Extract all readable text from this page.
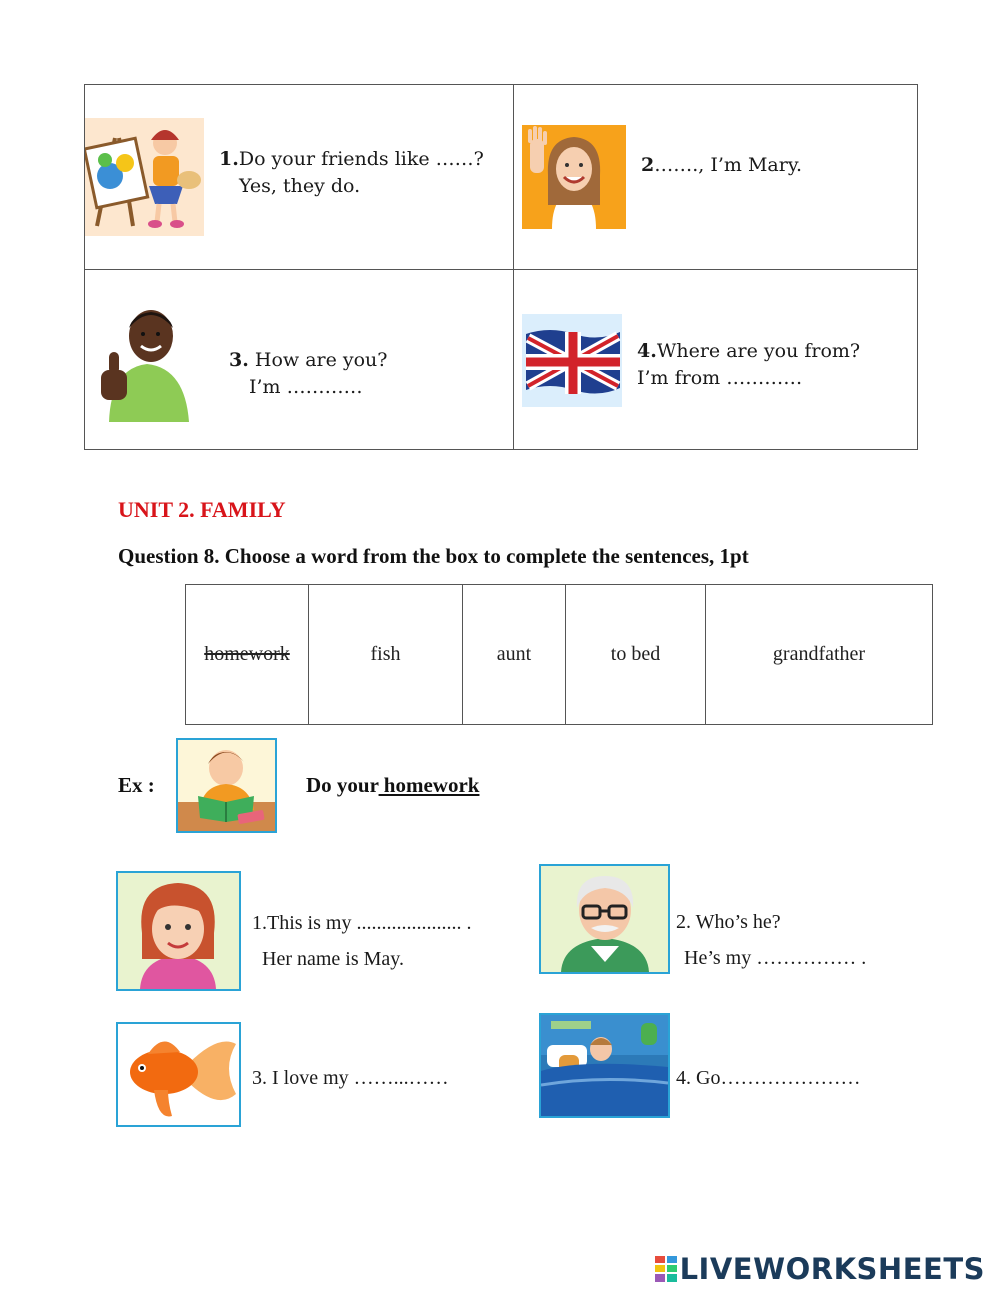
1.Do your friends like ……?
Yes, they do.
2……., I’m Mary.
3. How are you?
I’m …………
4.Where are you from?
I’m from …………
UNIT 2. FAMILY
Question 8. Choose a word from the box to complete the sentences, 1pt
homework	fish	aunt	to bed	grandfather
Ex :	Do your homework
1.This is my ..................... .
Her name is May.
2. Who’s he?
He’s my …………… .
3. I love my ……...……	4. Go…………………
LIVEWORKSHEETS
